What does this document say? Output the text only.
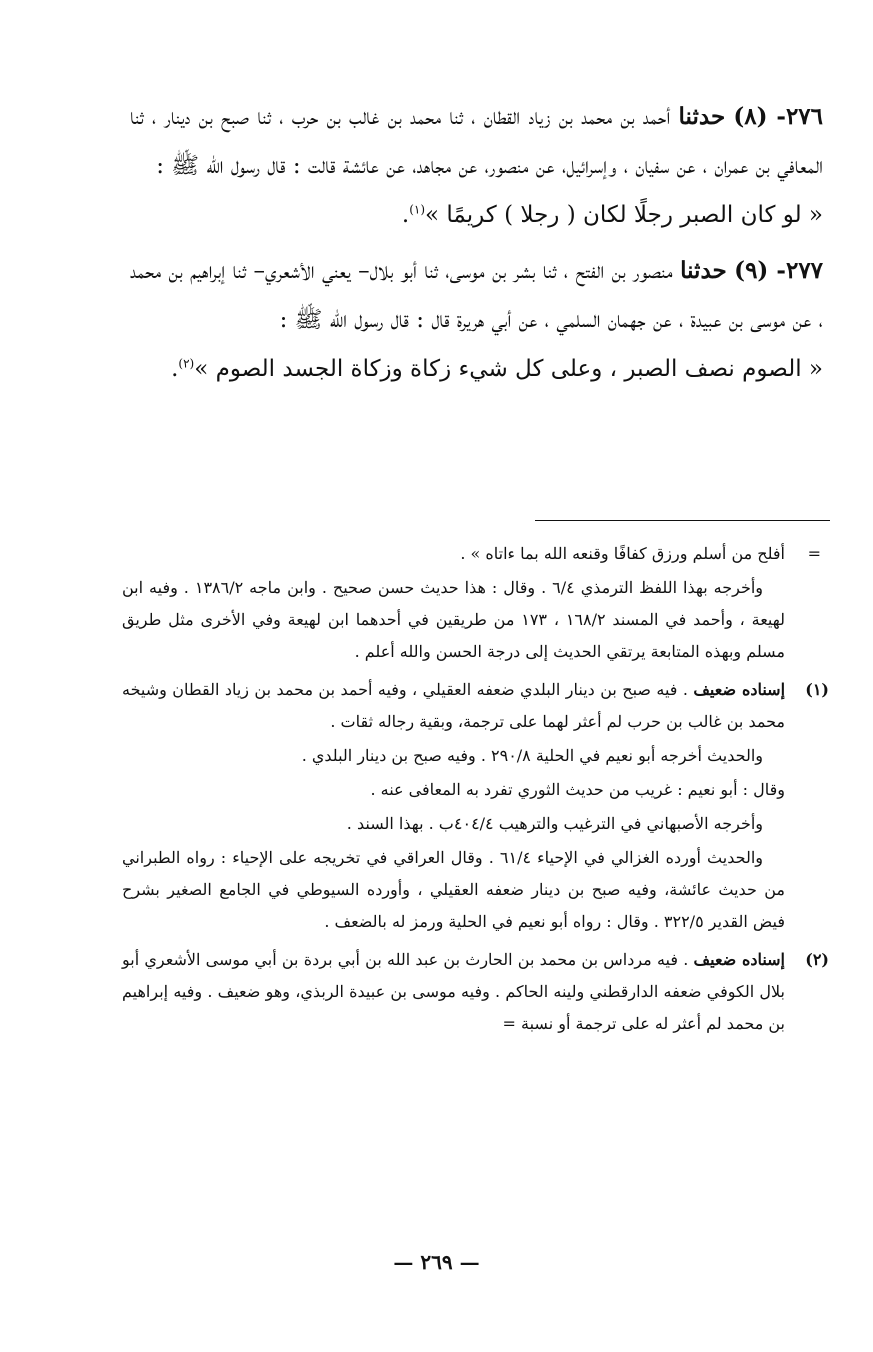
٢٧٦- (٨) حدثنا أحمد بن محمد بن زياد القطان ، ثنا محمد بن غالب بن حرب ، ثنا صبح بن دينار ، ثنا المعافي بن عمران ، عن سفيان ، وإسرائيل، عن منصور، عن مجاهد، عن عائشة قالت : قال رسول الله ﷺ :
« لو كان الصبر رجلًا لكان ( رجلا ) كريمًا »$^{(١)}$.

٢٧٧- (٩) حدثنا منصور بن الفتح ، ثنا بشر بن موسى، ثنا أبو بلال– يعني الأشعري– ثنا إبراهيم بن محمد ، عن موسى بن عبيدة ، عن جهمان السلمي ، عن أبي هريرة قال : قال رسول الله ﷺ :
« الصوم نصف الصبر ، وعلى كل شيء زكاة وزكاة الجسد الصوم »$^{(٢)}$.

=

أفلح من أسلم ورزق كفافًا وقنعه الله بما ءاتاه » .

وأخرجه بهذا اللفظ الترمذي ٦/٤ . وقال : هذا حديث حسن صحيح . وابن ماجه ١٣٨٦/٢ . وفيه ابن لهيعة ، وأحمد في المسند ١٦٨/٢ ، ١٧٣ من طريقين في أحدهما ابن لهيعة وفي الأخرى مثل طريق مسلم وبهذه المتابعة يرتقي الحديث إلى درجة الحسن والله أعلم .

(١)

إسناده ضعيف . فيه صبح بن دينار البلدي ضعفه العقيلي ، وفيه أحمد بن محمد بن زياد القطان وشيخه محمد بن غالب بن حرب لم أعثر لهما على ترجمة، وبقية رجاله ثقات .

والحديث أخرجه أبو نعيم في الحلية ٢٩٠/٨ . وفيه صبح بن دينار البلدي .

وقال : أبو نعيم : غريب من حديث الثوري تفرد به المعافى عنه .

وأخرجه الأصبهاني في الترغيب والترهيب ٤٠٤/٤ب . بهذا السند .

والحديث أورده الغزالي في الإحياء ٦١/٤ . وقال العراقي في تخريجه على الإحياء : رواه الطبراني من حديث عائشة، وفيه صبح بن دينار ضعفه العقيلي ، وأورده السيوطي في الجامع الصغير بشرح فيض القدير ٣٢٢/٥ . وقال : رواه أبو نعيم في الحلية ورمز له بالضعف .

(٢)

إسناده ضعيف . فيه مرداس بن محمد بن الحارث بن عبد الله بن أبي بردة بن أبي موسى الأشعري أبو بلال الكوفي ضعفه الدارقطني ولينه الحاكم . وفيه موسى بن عبيدة الربذي، وهو ضعيف . وفيه إبراهيم بن محمد لم أعثر له على ترجمة أو نسبة =

— ٢٦٩ —
